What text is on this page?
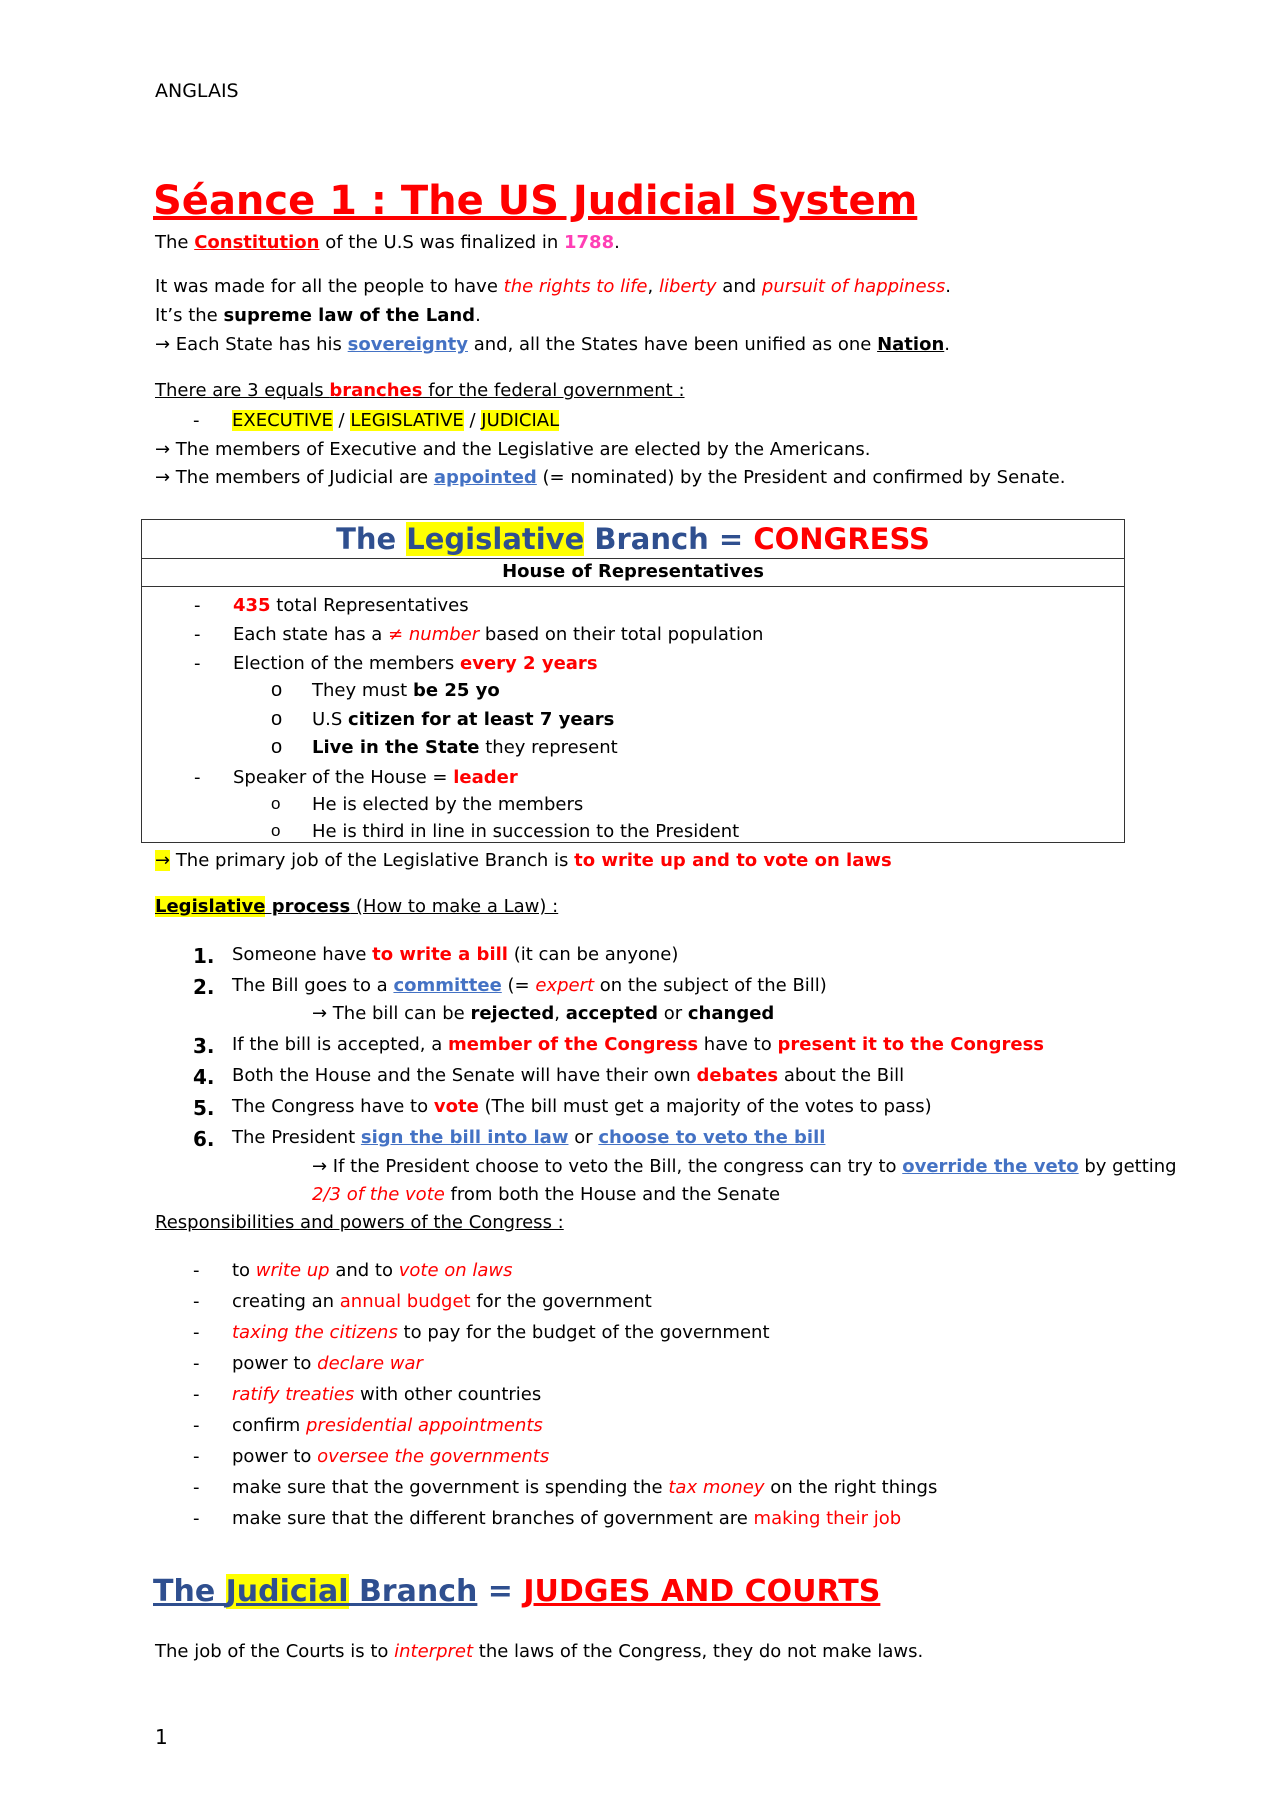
ANGLAIS
Séance 1 : The US Judicial System
The Constitution of the U.S was finalized in 1788.
It was made for all the people to have the rights to life, liberty and pursuit of happiness.
It’s the supreme law of the Land.
→ Each State has his sovereignty and, all the States have been unified as one Nation.
There are 3 equals branches for the federal government :
- EXECUTIVE / LEGISLATIVE / JUDICIAL
→ The members of Executive and the Legislative are elected by the Americans.
→ The members of Judicial are appointed (= nominated) by the President and confirmed by Senate.
The Legislative Branch = CONGRESS
House of Representatives
- 435 total Representatives
- Each state has a ≠ number based on their total population
- Election of the members every 2 years
o They must be 25 yo
o U.S citizen for at least 7 years
o Live in the State they represent
- Speaker of the House = leader
o He is elected by the members
o He is third in line in succession to the President
→ The primary job of the Legislative Branch is to write up and to vote on laws
Legislative process (How to make a Law) :
1. Someone have to write a bill (it can be anyone)
2. The Bill goes to a committee (= expert on the subject of the Bill)
→ The bill can be rejected, accepted or changed
3. If the bill is accepted, a member of the Congress have to present it to the Congress
4. Both the House and the Senate will have their own debates about the Bill
5. The Congress have to vote (The bill must get a majority of the votes to pass)
6. The President sign the bill into law or choose to veto the bill
→ If the President choose to veto the Bill, the congress can try to override the veto by getting
2/3 of the vote from both the House and the Senate
Responsibilities and powers of the Congress :
- to write up and to vote on laws
- creating an annual budget for the government
- taxing the citizens to pay for the budget of the government
- power to declare war
- ratify treaties with other countries
- confirm presidential appointments
- power to oversee the governments
- make sure that the government is spending the tax money on the right things
- make sure that the different branches of government are making their job
The Judicial Branch = JUDGES AND COURTS
The job of the Courts is to interpret the laws of the Congress, they do not make laws.
1
